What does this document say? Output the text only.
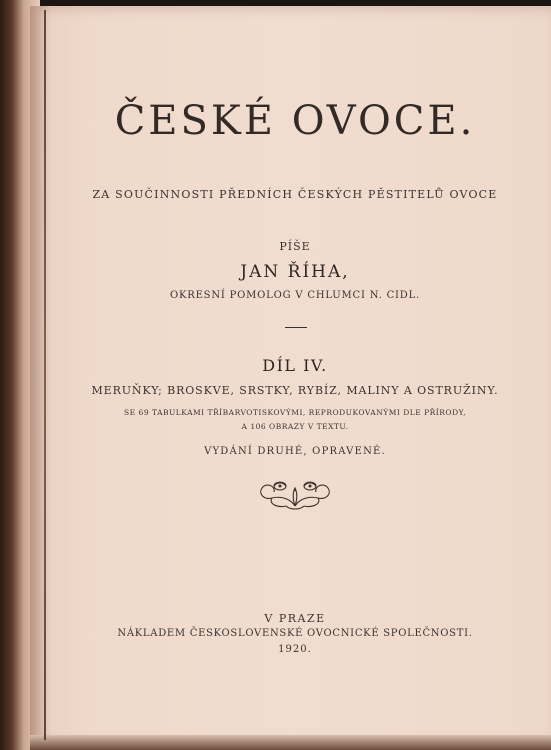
ČESKÉ OVOCE.
ZA SOUČINNOSTI PŘEDNÍCH ČESKÝCH PĚSTITELŮ OVOCE
PÍŠE
JAN ŘÍHA,
OKRESNÍ POMOLOG V CHLUMCI N. CIDL.
DÍL IV.
MERUŇKY; BROSKVE, SRSTKY, RYBÍZ, MALINY A OSTRUŽINY.
SE 69 TABULKAMI TŘÍBARVOTISKOVÝMI, REPRODUKOVANÝMI DLE PŘÍRODY,
A 106 OBRAZY V TEXTU.
VYDÁNÍ DRUHÉ, OPRAVENÉ.
V PRAZE
NÁKLADEM ČESKOSLOVENSKÉ OVOCNICKÉ SPOLEČNOSTI.
1920.
